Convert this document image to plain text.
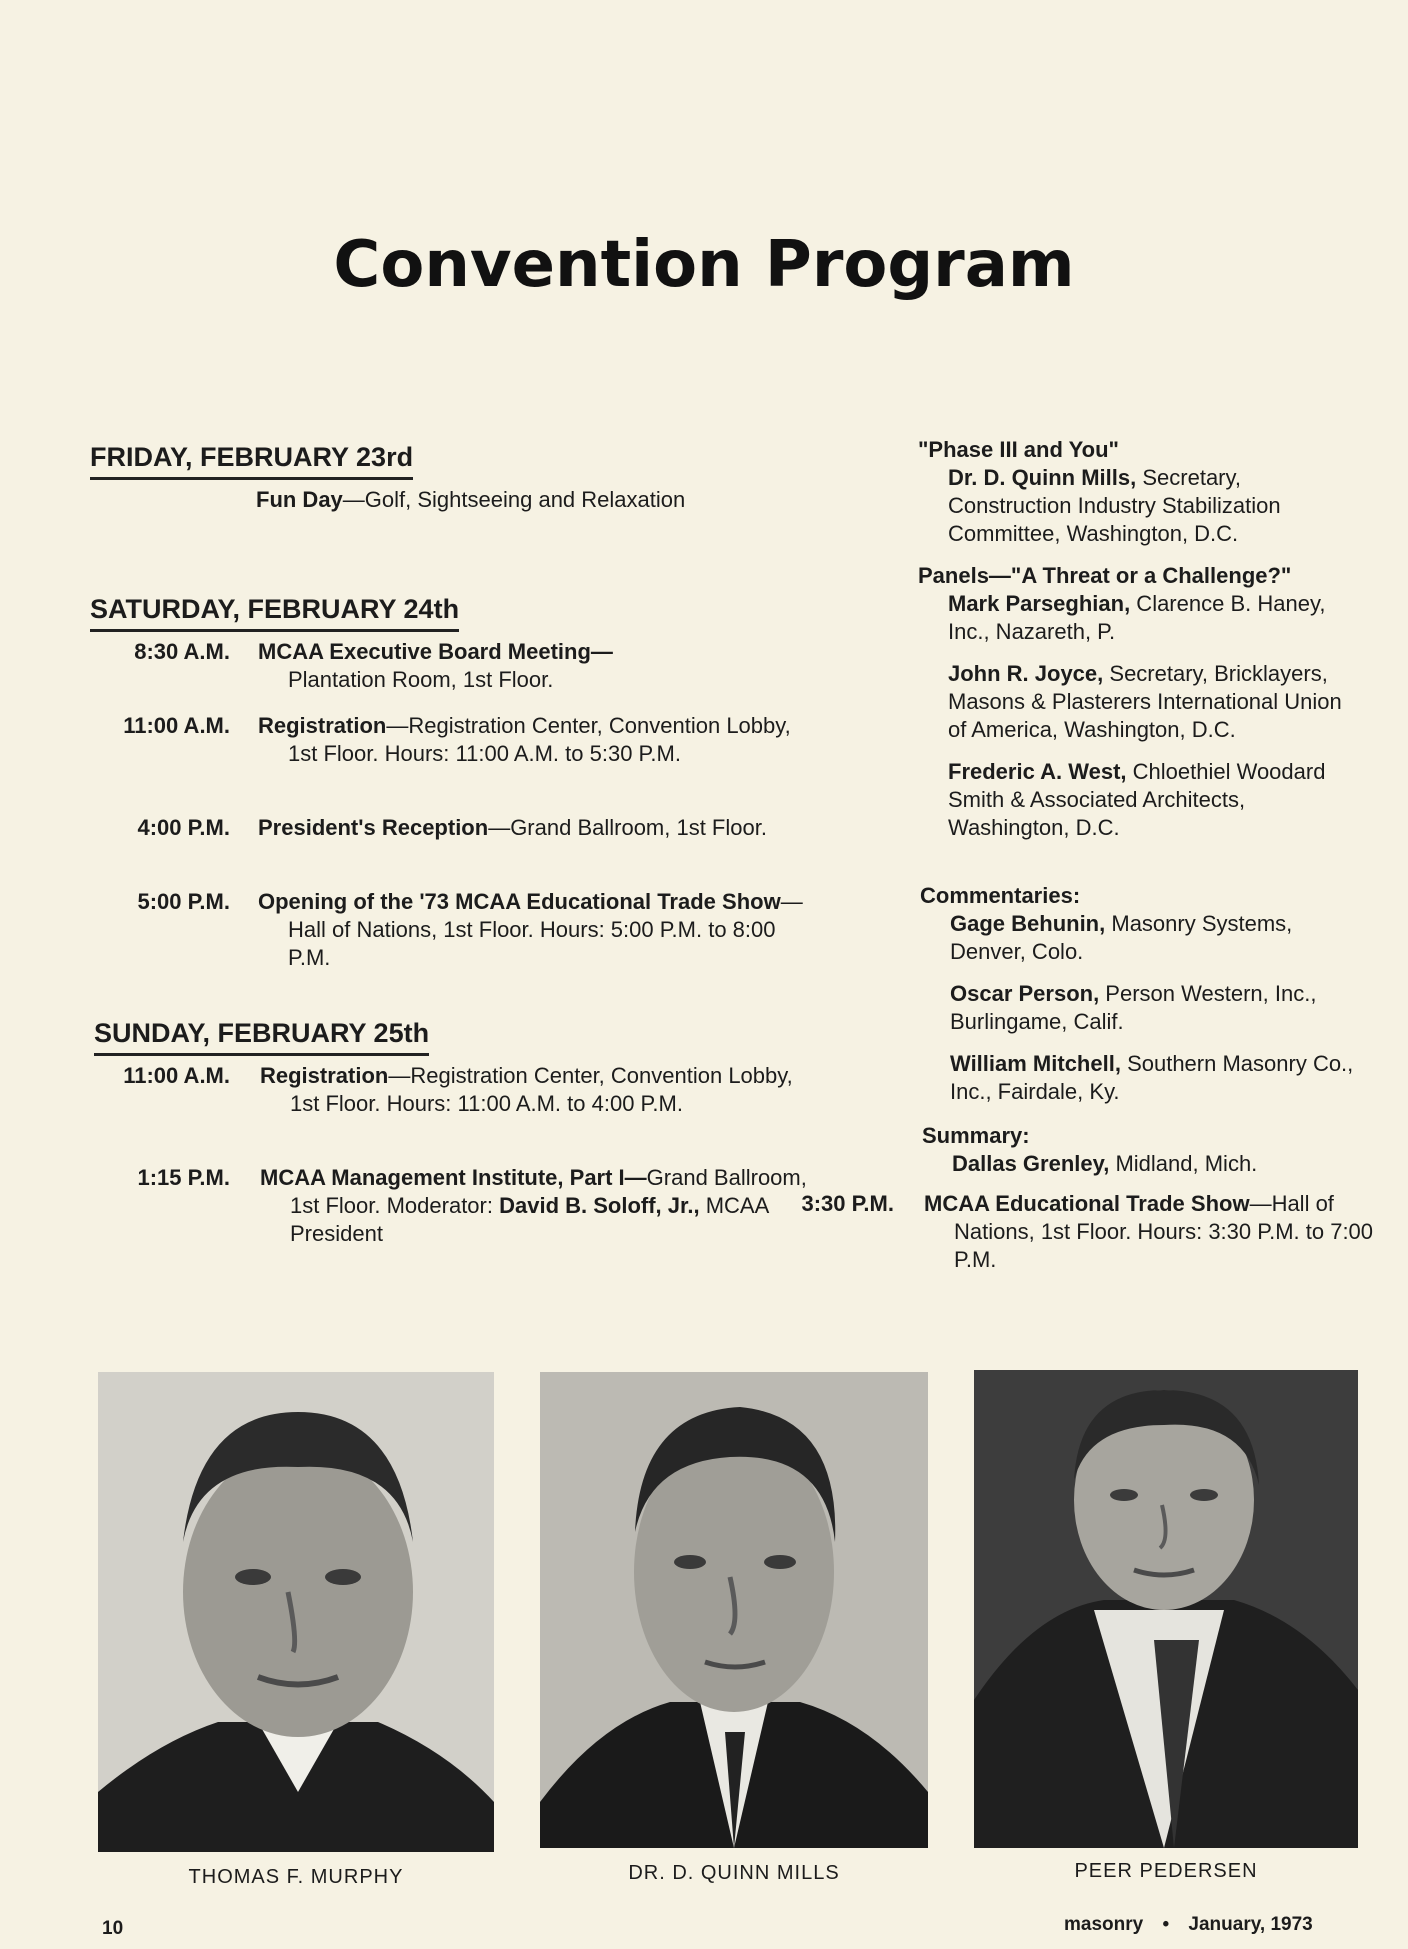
Convention Program
FRIDAY, FEBRUARY 23rd
Fun Day—Golf, Sightseeing and Relaxation
SATURDAY, FEBRUARY 24th
8:30 A.M. MCAA Executive Board Meeting—
Plantation Room, 1st Floor.
11:00 A.M. Registration—Registration Center, Convention Lobby, 1st Floor. Hours: 11:00 A.M. to 5:30 P.M.
4:00 P.M. President's Reception—Grand Ballroom, 1st Floor.
5:00 P.M. Opening of the '73 MCAA Educational Trade Show—Hall of Nations, 1st Floor. Hours: 5:00 P.M. to 8:00 P.M.
SUNDAY, FEBRUARY 25th
11:00 A.M. Registration—Registration Center, Convention Lobby, 1st Floor. Hours: 11:00 A.M. to 4:00 P.M.
1:15 P.M. MCAA Management Institute, Part I—Grand Ballroom, 1st Floor. Moderator: David B. Soloff, Jr., MCAA President
"Phase III and You"
Dr. D. Quinn Mills, Secretary, Construction Industry Stabilization Committee, Washington, D.C.
Panels—"A Threat or a Challenge?"
Mark Parseghian, Clarence B. Haney, Inc., Nazareth, P.
John R. Joyce, Secretary, Bricklayers, Masons & Plasterers International Union of America, Washington, D.C.
Frederic A. West, Chloethiel Woodard Smith & Associated Architects, Washington, D.C.
Commentaries:
Gage Behunin, Masonry Systems, Denver, Colo.
Oscar Person, Person Western, Inc., Burlingame, Calif.
William Mitchell, Southern Masonry Co., Inc., Fairdale, Ky.
Summary:
Dallas Grenley, Midland, Mich.
3:30 P.M. MCAA Educational Trade Show—Hall of Nations, 1st Floor. Hours: 3:30 P.M. to 7:00 P.M.
THOMAS F. MURPHY	DR. D. QUINN MILLS	PEER PEDERSEN
10	masonry • January, 1973
